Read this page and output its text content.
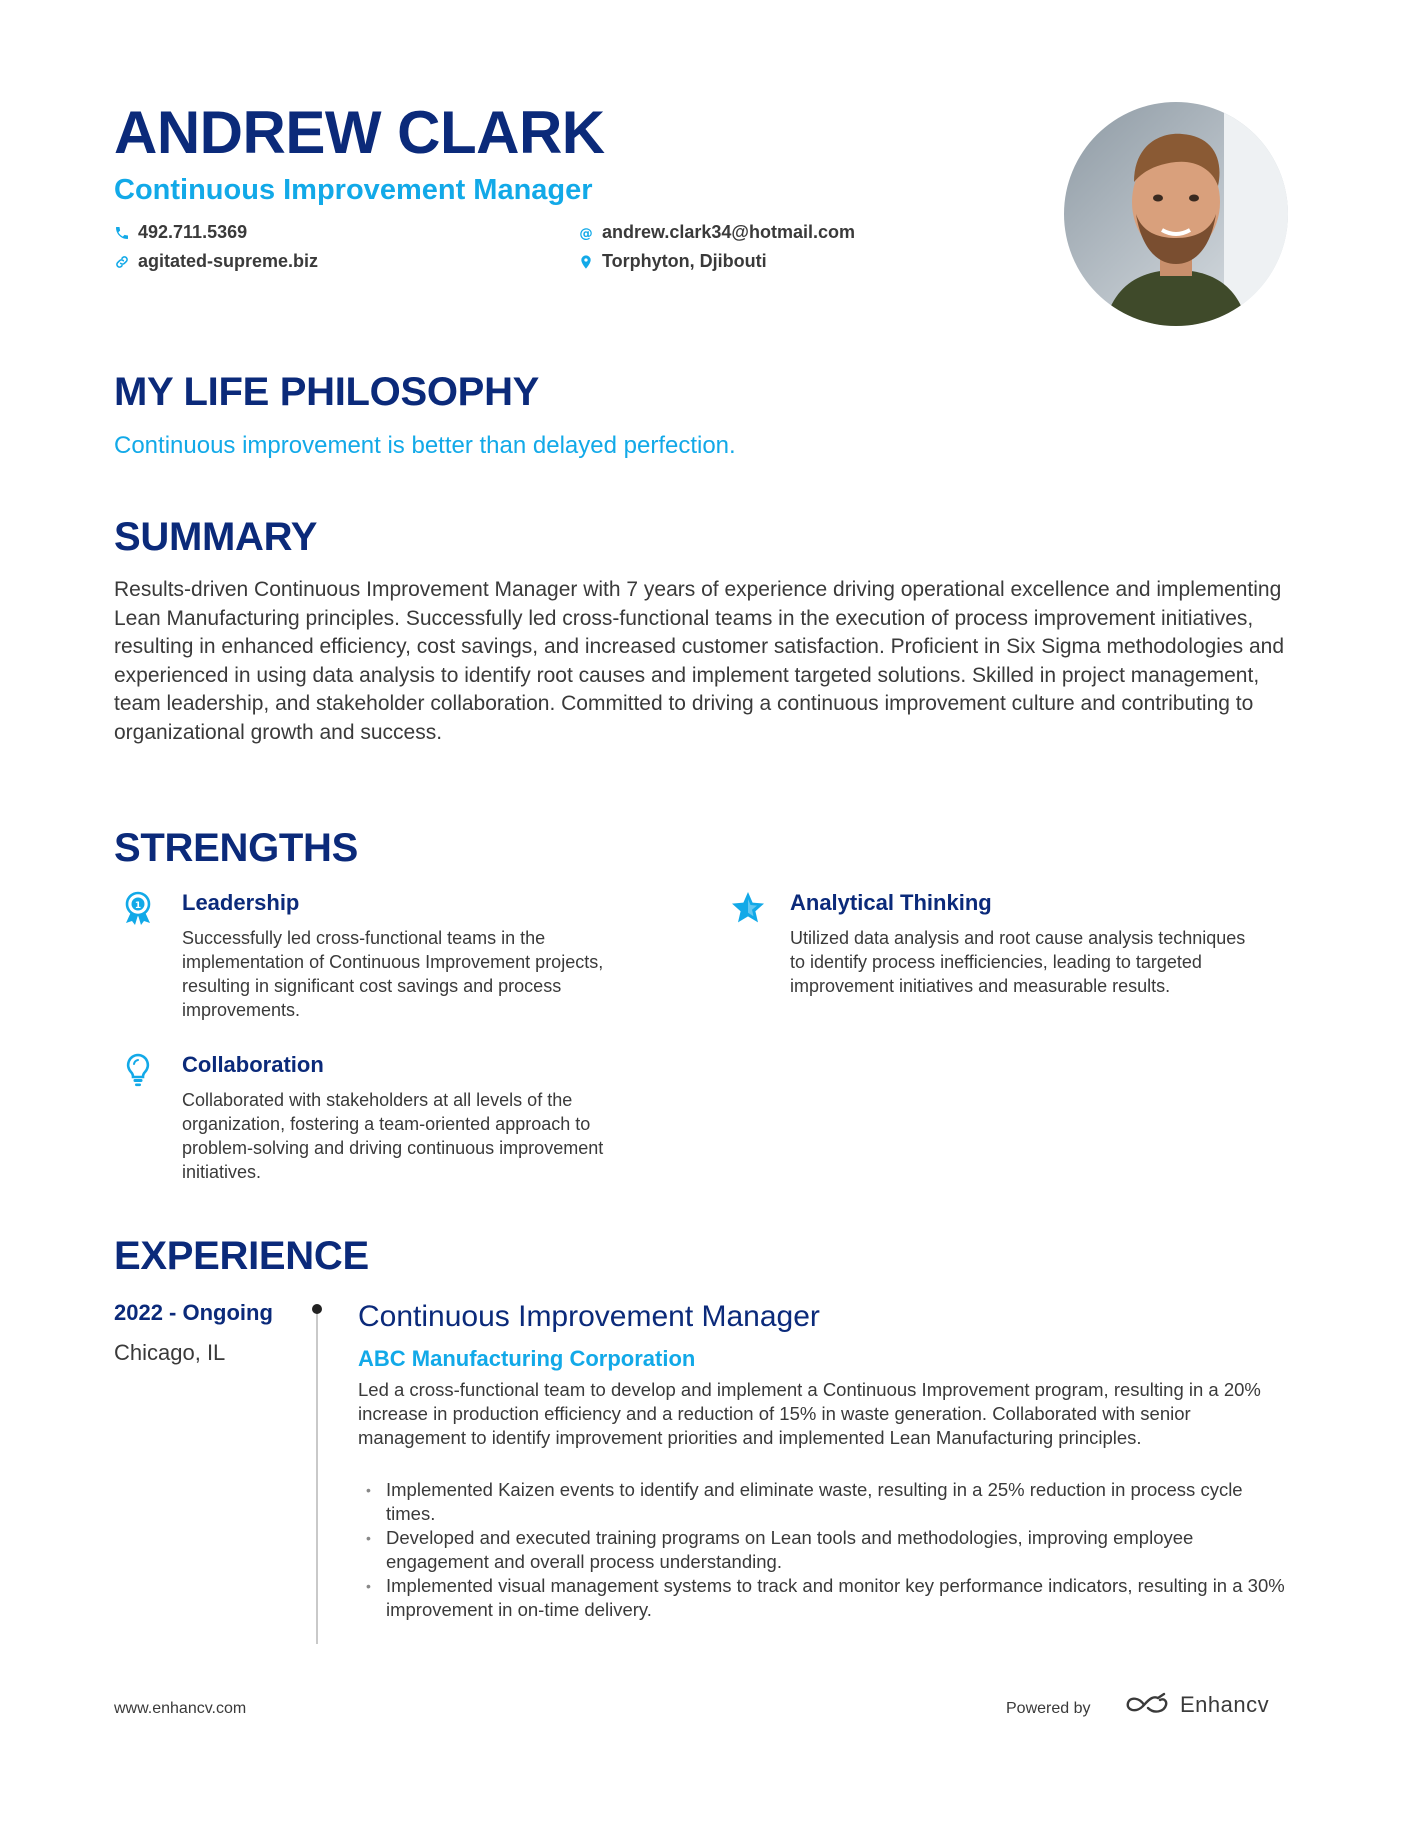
ANDREW CLARK

Continuous Improvement Manager

492.711.5369	@ andrew.clark34@hotmail.com
agitated-supreme.biz	Torphyton, Djibouti
MY LIFE PHILOSOPHY

Continuous improvement is better than delayed perfection.

SUMMARY

Results-driven Continuous Improvement Manager with 7 years of experience driving operational excellence and implementing Lean Manufacturing principles. Successfully led cross-functional teams in the execution of process improvement initiatives, resulting in enhanced efficiency, cost savings, and increased customer satisfaction. Proficient in Six Sigma methodologies and experienced in using data analysis to identify root causes and implement targeted solutions. Skilled in project management, team leadership, and stakeholder collaboration. Committed to driving a continuous improvement culture and contributing to organizational growth and success.

STRENGTHS
1 Leadership

Successfully led cross-functional teams in the implementation of Continuous Improvement projects, resulting in significant cost savings and process improvements.

Analytical Thinking

Utilized data analysis and root cause analysis techniques to identify process inefficiencies, leading to targeted improvement initiatives and measurable results.

Collaboration

Collaborated with stakeholders at all levels of the organization, fostering a team-oriented approach to problem-solving and driving continuous improvement initiatives.

EXPERIENCE

2022 - Ongoing

Chicago, IL

Continuous Improvement Manager

ABC Manufacturing Corporation

Led a cross-functional team to develop and implement a Continuous Improvement program, resulting in a 20% increase in production efficiency and a reduction of 15% in waste generation. Collaborated with senior management to identify improvement priorities and implemented Lean Manufacturing principles.

• Implemented Kaizen events to identify and eliminate waste, resulting in a 25% reduction in process cycle times.
• Developed and executed training programs on Lean tools and methodologies, improving employee engagement and overall process understanding.
• Implemented visual management systems to track and monitor key performance indicators, resulting in a 30% improvement in on-time delivery.

www.enhancv.com	Powered by	Enhancv
